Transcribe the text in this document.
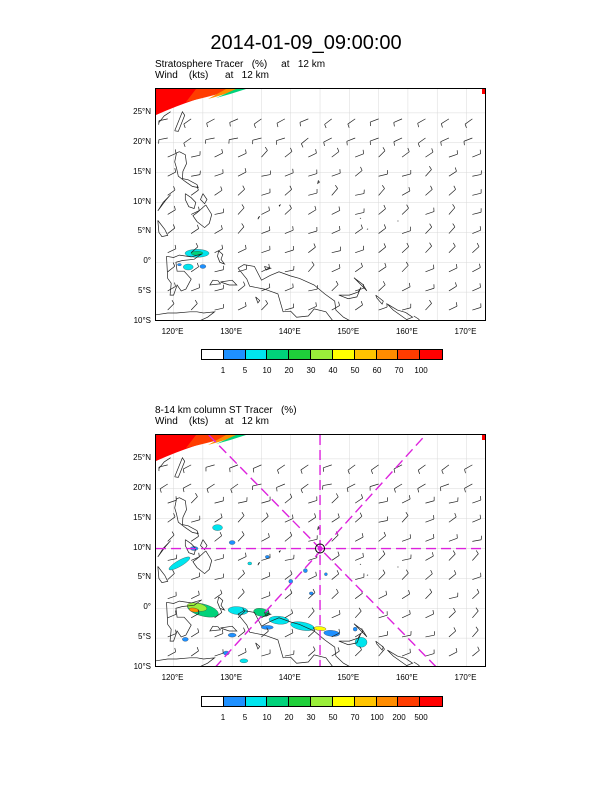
2014-01-09_09:00:00
Stratosphere Tracer   (%)     at   12 km
Wind    (kts)      at   12 km
25°N
20°N
15°N
10°N
5°N
0°
5°S
10°S
120°E	130°E	140°E	150°E	160°E	170°E
1	5	10	20	30	40	50	60	70	100
8-14 km column ST Tracer   (%)
Wind    (kts)      at   12 km
25°N
20°N
15°N
10°N
5°N
0°
5°S
10°S
120°E	130°E	140°E	150°E	160°E	170°E
1	5	10	20	30	50	70	100	200	500
